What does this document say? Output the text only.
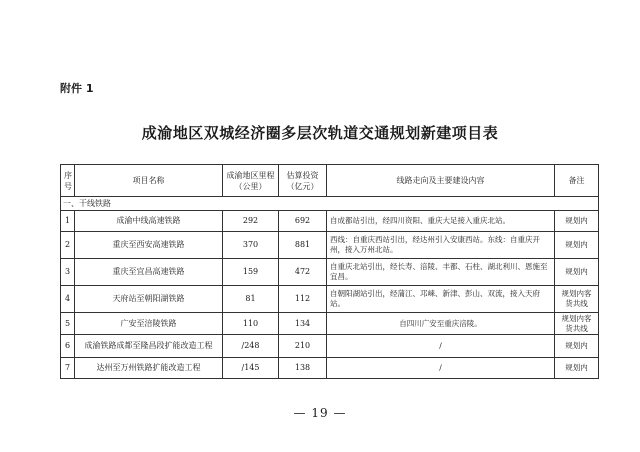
附件 1
成渝地区双城经济圈多层次轨道交通规划新建项目表
序号	项目名称	成渝地区里程（公里）	估算投资（亿元）	线路走向及主要建设内容	备注
一、干线铁路					
1	成渝中线高速铁路	292	692	自成都站引出，经四川资阳、重庆大足接入重庆北站。	规划内
2	重庆至西安高速铁路	370	881	西线：自重庆西站引出，经达州引入安康西站。东线：自重庆开州，接入万州北站。	规划内
3	重庆至宜昌高速铁路	159	472	自重庆北站引出，经长寿、涪陵、丰都、石柱、湖北利川、恩施至宜昌。	规划内
4	天府站至朝阳湖铁路	81	112	自朝阳湖站引出，经蒲江、邛崃、新津、彭山、双流，接入天府站。	规划内客货共线
5	广安至涪陵铁路	110	134	自四川广安至重庆涪陵。	规划内客货共线
6	成渝铁路成都至隆昌段扩能改造工程	/248	210	/	规划内
7	达州至万州铁路扩能改造工程	/145	138	/	规划内
— 19 —
